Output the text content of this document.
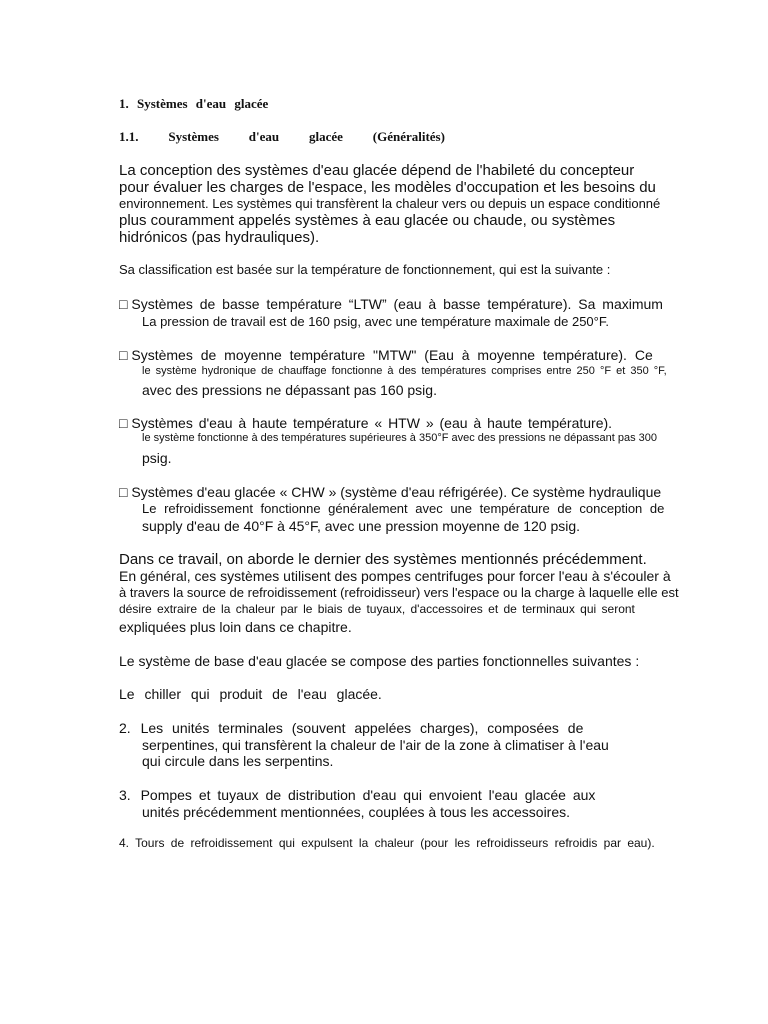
1. Systèmes d'eau glacée
1.1. Systèmes d'eau glacée (Généralités)

La conception des systèmes d'eau glacée dépend de l'habileté du concepteur

pour évaluer les charges de l'espace, les modèles d'occupation et les besoins du

environnement. Les systèmes qui transfèrent la chaleur vers ou depuis un espace conditionné

plus couramment appelés systèmes à eau glacée ou chaude, ou systèmes

hidrónicos (pas hydrauliques).

Sa classification est basée sur la température de fonctionnement, qui est la suivante :

□ Systèmes de basse température “LTW” (eau à basse température). Sa maximum

La pression de travail est de 160 psig, avec une température maximale de 250°F.

□ Systèmes de moyenne température "MTW" (Eau à moyenne température). Ce

le système hydronique de chauffage fonctionne à des températures comprises entre 250 °F et 350 °F,

avec des pressions ne dépassant pas 160 psig.

□ Systèmes d'eau à haute température « HTW » (eau à haute température).

le système fonctionne à des températures supérieures à 350°F avec des pressions ne dépassant pas 300

psig.

□ Systèmes d'eau glacée « CHW » (système d'eau réfrigérée). Ce système hydraulique

Le refroidissement fonctionne généralement avec une température de conception de

supply d'eau de 40°F à 45°F, avec une pression moyenne de 120 psig.

Dans ce travail, on aborde le dernier des systèmes mentionnés précédemment.

En général, ces systèmes utilisent des pompes centrifuges pour forcer l'eau à s'écouler à

à travers la source de refroidissement (refroidisseur) vers l'espace ou la charge à laquelle elle est

désire extraire de la chaleur par le biais de tuyaux, d'accessoires et de terminaux qui seront

expliquées plus loin dans ce chapitre.

Le système de base d'eau glacée se compose des parties fonctionnelles suivantes :

Le chiller qui produit de l'eau glacée.

2. Les unités terminales (souvent appelées charges), composées de

serpentines, qui transfèrent la chaleur de l'air de la zone à climatiser à l'eau

qui circule dans les serpentins.

3. Pompes et tuyaux de distribution d'eau qui envoient l'eau glacée aux

unités précédemment mentionnées, couplées à tous les accessoires.

4. Tours de refroidissement qui expulsent la chaleur (pour les refroidisseurs refroidis par eau).
